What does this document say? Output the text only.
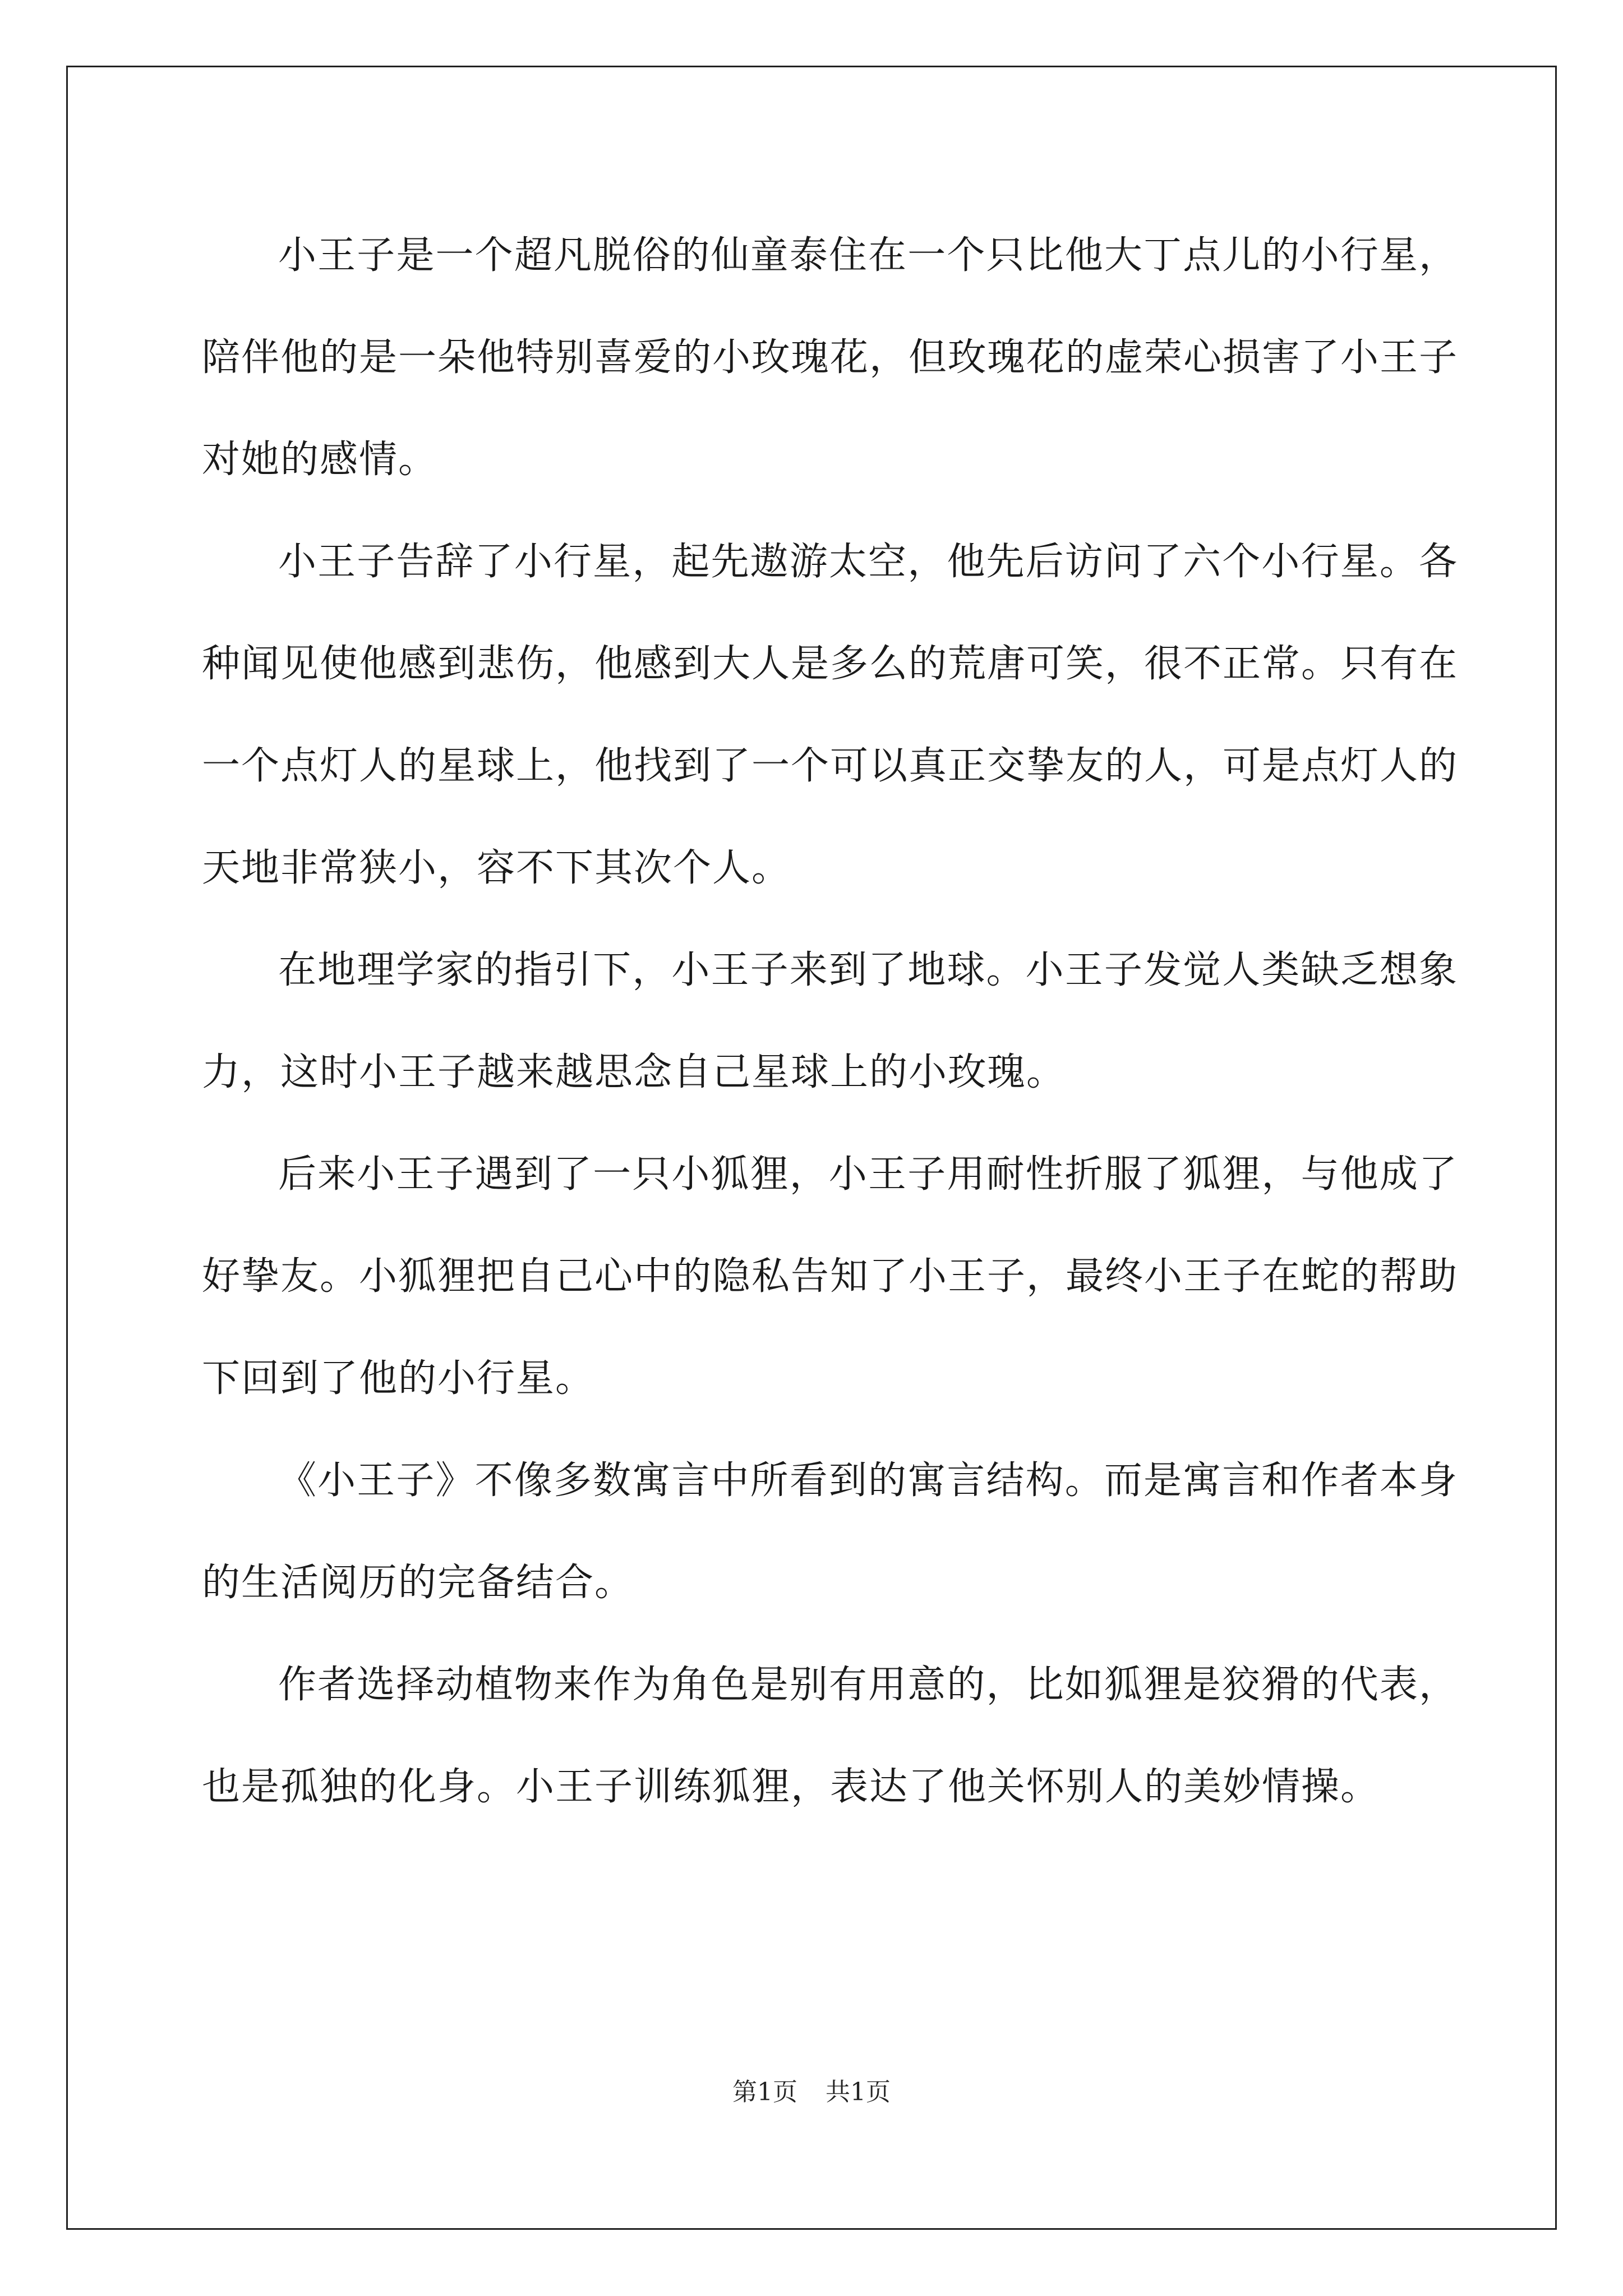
小王子是一个超凡脱俗的仙童泰住在一个只比他大丁点儿的小行星，陪伴他的是一朵他特别喜爱的小玫瑰花，但玫瑰花的虚荣心损害了小王子对她的感情。

小王子告辞了小行星，起先遨游太空，他先后访问了六个小行星。各种闻见使他感到悲伤，他感到大人是多么的荒唐可笑，很不正常。只有在一个点灯人的星球上，他找到了一个可以真正交挚友的人，可是点灯人的天地非常狭小，容不下其次个人。

在地理学家的指引下，小王子来到了地球。小王子发觉人类缺乏想象力，这时小王子越来越思念自己星球上的小玫瑰。

后来小王子遇到了一只小狐狸，小王子用耐性折服了狐狸，与他成了好挚友。小狐狸把自己心中的隐私告知了小王子，最终小王子在蛇的帮助下回到了他的小行星。

《小王子》不像多数寓言中所看到的寓言结构。而是寓言和作者本身的生活阅历的完备结合。

作者选择动植物来作为角色是别有用意的，比如狐狸是狡猾的代表，也是孤独的化身。小王子训练狐狸，表达了他关怀别人的美妙情操。

第1页 共1页
